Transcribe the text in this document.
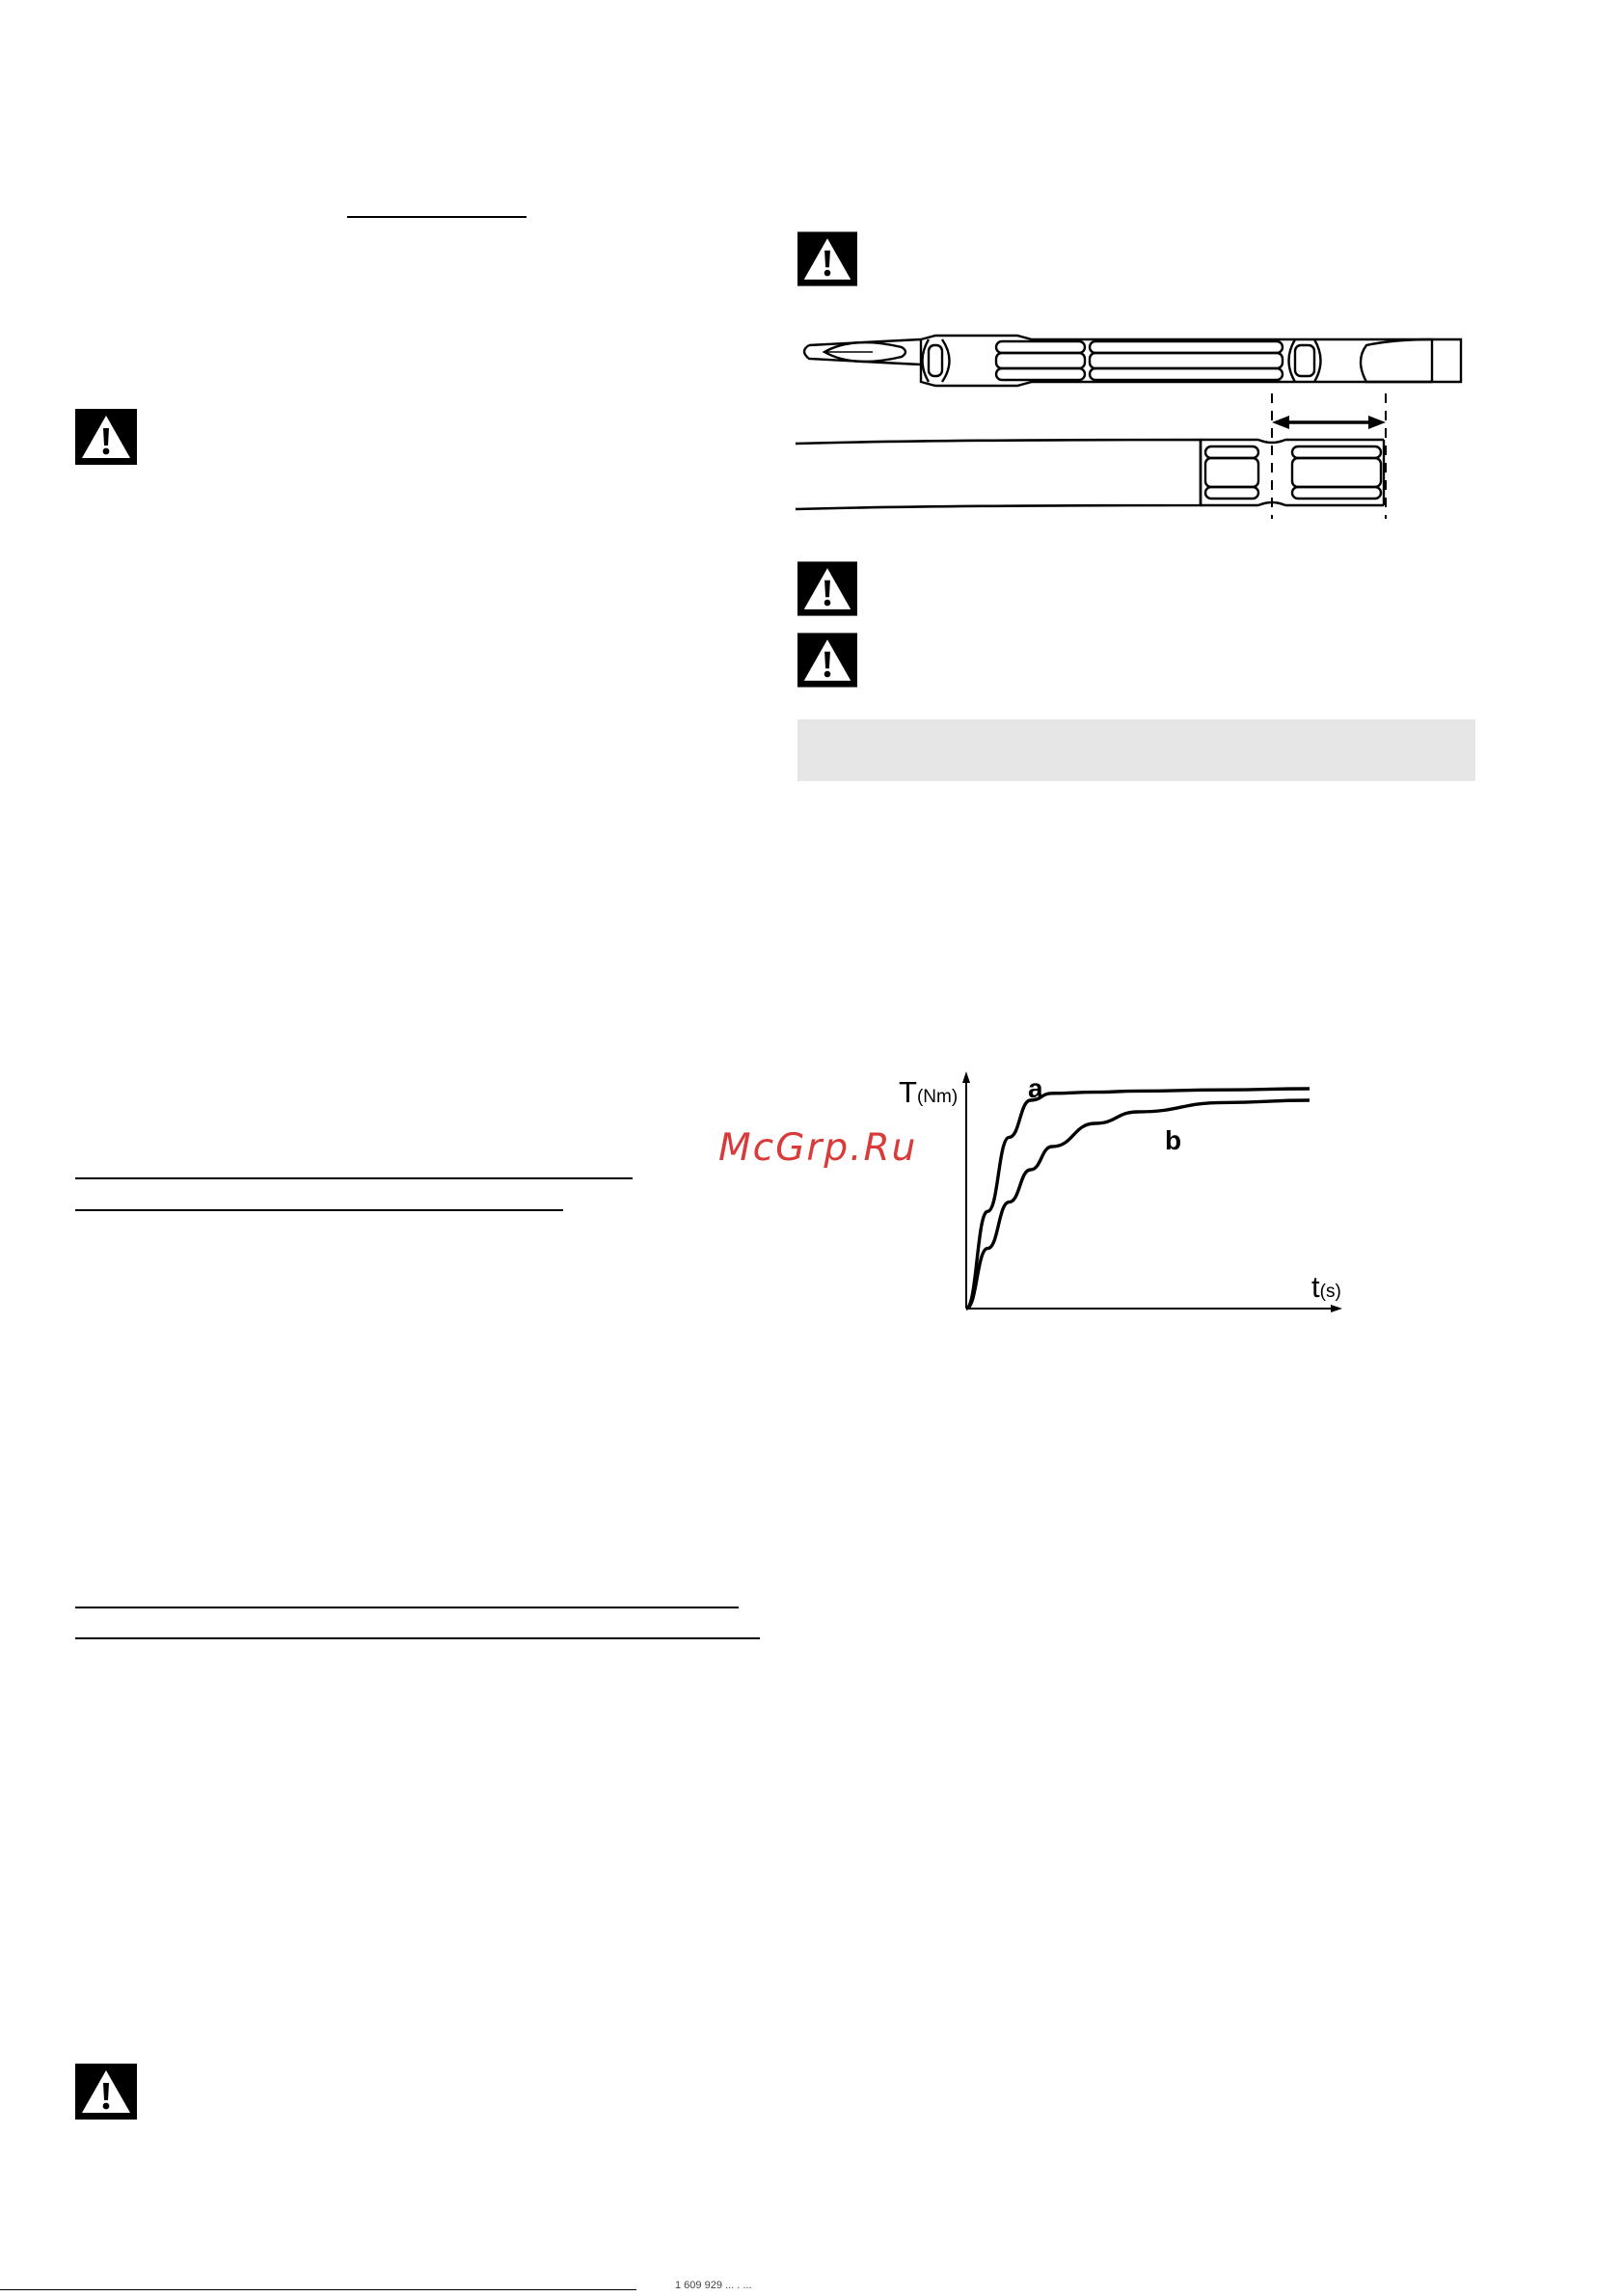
McGrp.Ru
T(Nm)
t(s)
a
b
1 609 929 ... . ...
